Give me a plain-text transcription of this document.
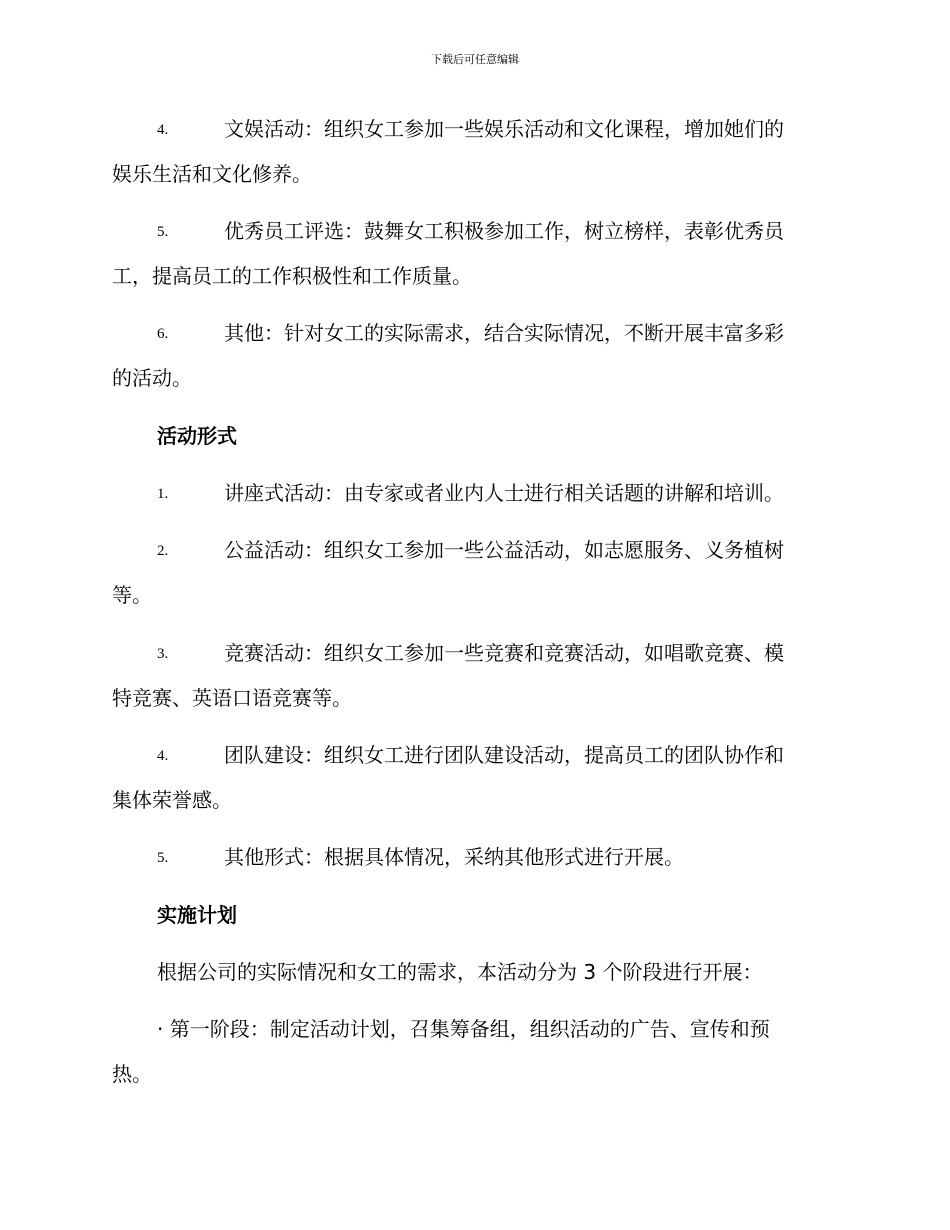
下载后可任意编辑
4.	文娱活动：组织女工参加一些娱乐活动和文化课程，增加她们的
娱乐生活和文化修养。
5.	优秀员工评选：鼓舞女工积极参加工作，树立榜样，表彰优秀员
工，提高员工的工作积极性和工作质量。
6.	其他：针对女工的实际需求，结合实际情况，不断开展丰富多彩
的活动。
活动形式
1.	讲座式活动：由专家或者业内人士进行相关话题的讲解和培训。
2.	公益活动：组织女工参加一些公益活动，如志愿服务、义务植树
等。
3.	竞赛活动：组织女工参加一些竞赛和竞赛活动，如唱歌竞赛、模
特竞赛、英语口语竞赛等。
4.	团队建设：组织女工进行团队建设活动，提高员工的团队协作和
集体荣誉感。
5.	其他形式：根据具体情况，采纳其他形式进行开展。
实施计划
根据公司的实际情况和女工的需求，本活动分为 3 个阶段进行开展：
· 第一阶段：制定活动计划，召集筹备组，组织活动的广告、宣传和预
热。
